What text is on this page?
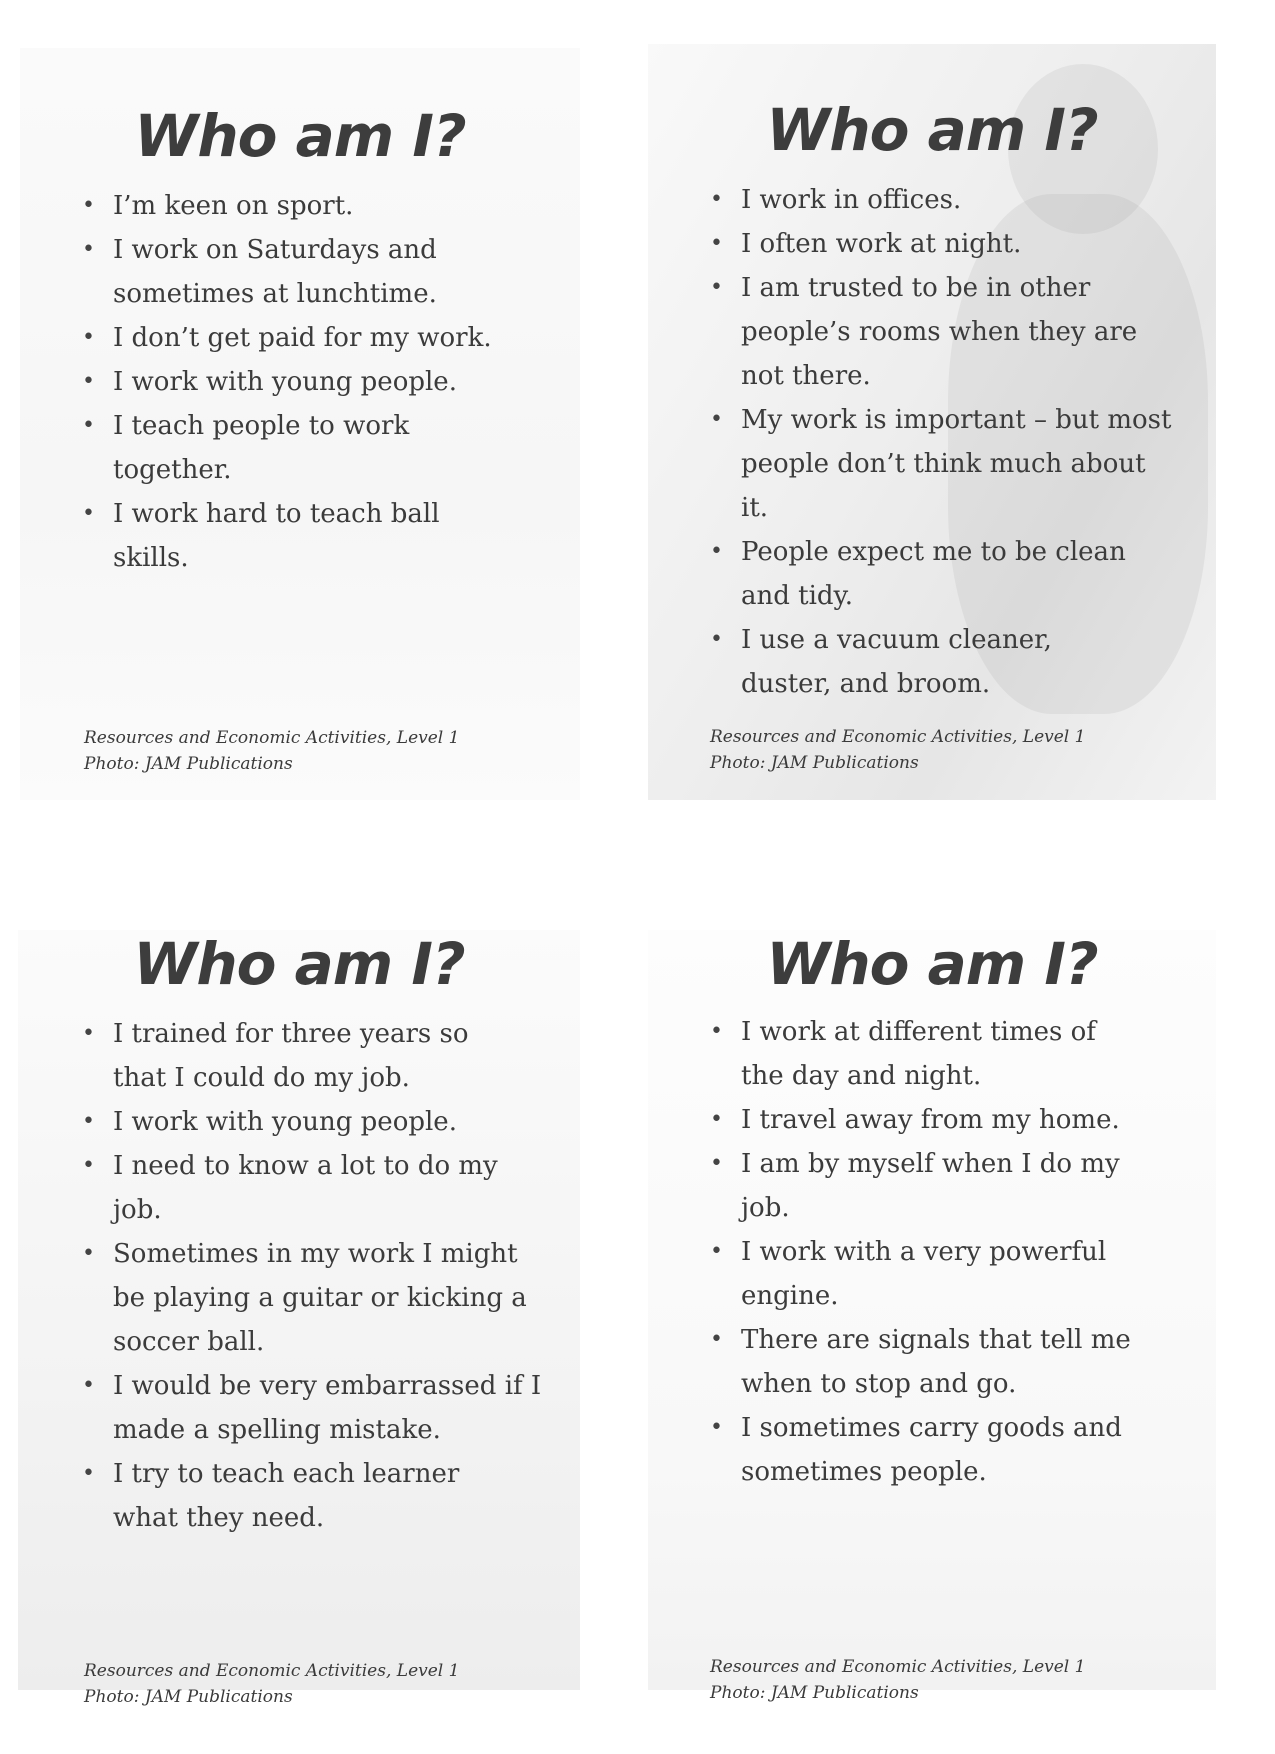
Who am I?
• I’m keen on sport.
• I work on Saturdays and sometimes at lunchtime.
• I don’t get paid for my work.
• I work with young people.
• I teach people to work together.
• I work hard to teach ball skills.
Resources and Economic Activities, Level 1
Photo: JAM Publications
Who am I?
• I work in offices.
• I often work at night.
• I am trusted to be in other people’s rooms when they are not there.
• My work is important – but most people don’t think much about it.
• People expect me to be clean and tidy.
• I use a vacuum cleaner, duster, and broom.
Resources and Economic Activities, Level 1
Photo: JAM Publications
Who am I?
• I trained for three years so that I could do my job.
• I work with young people.
• I need to know a lot to do my job.
• Sometimes in my work I might be playing a guitar or kicking a soccer ball.
• I would be very embarrassed if I made a spelling mistake.
• I try to teach each learner what they need.
Resources and Economic Activities, Level 1
Photo: JAM Publications
Who am I?
• I work at different times of the day and night.
• I travel away from my home.
• I am by myself when I do my job.
• I work with a very powerful engine.
• There are signals that tell me when to stop and go.
• I sometimes carry goods and sometimes people.
Resources and Economic Activities, Level 1
Photo: JAM Publications
